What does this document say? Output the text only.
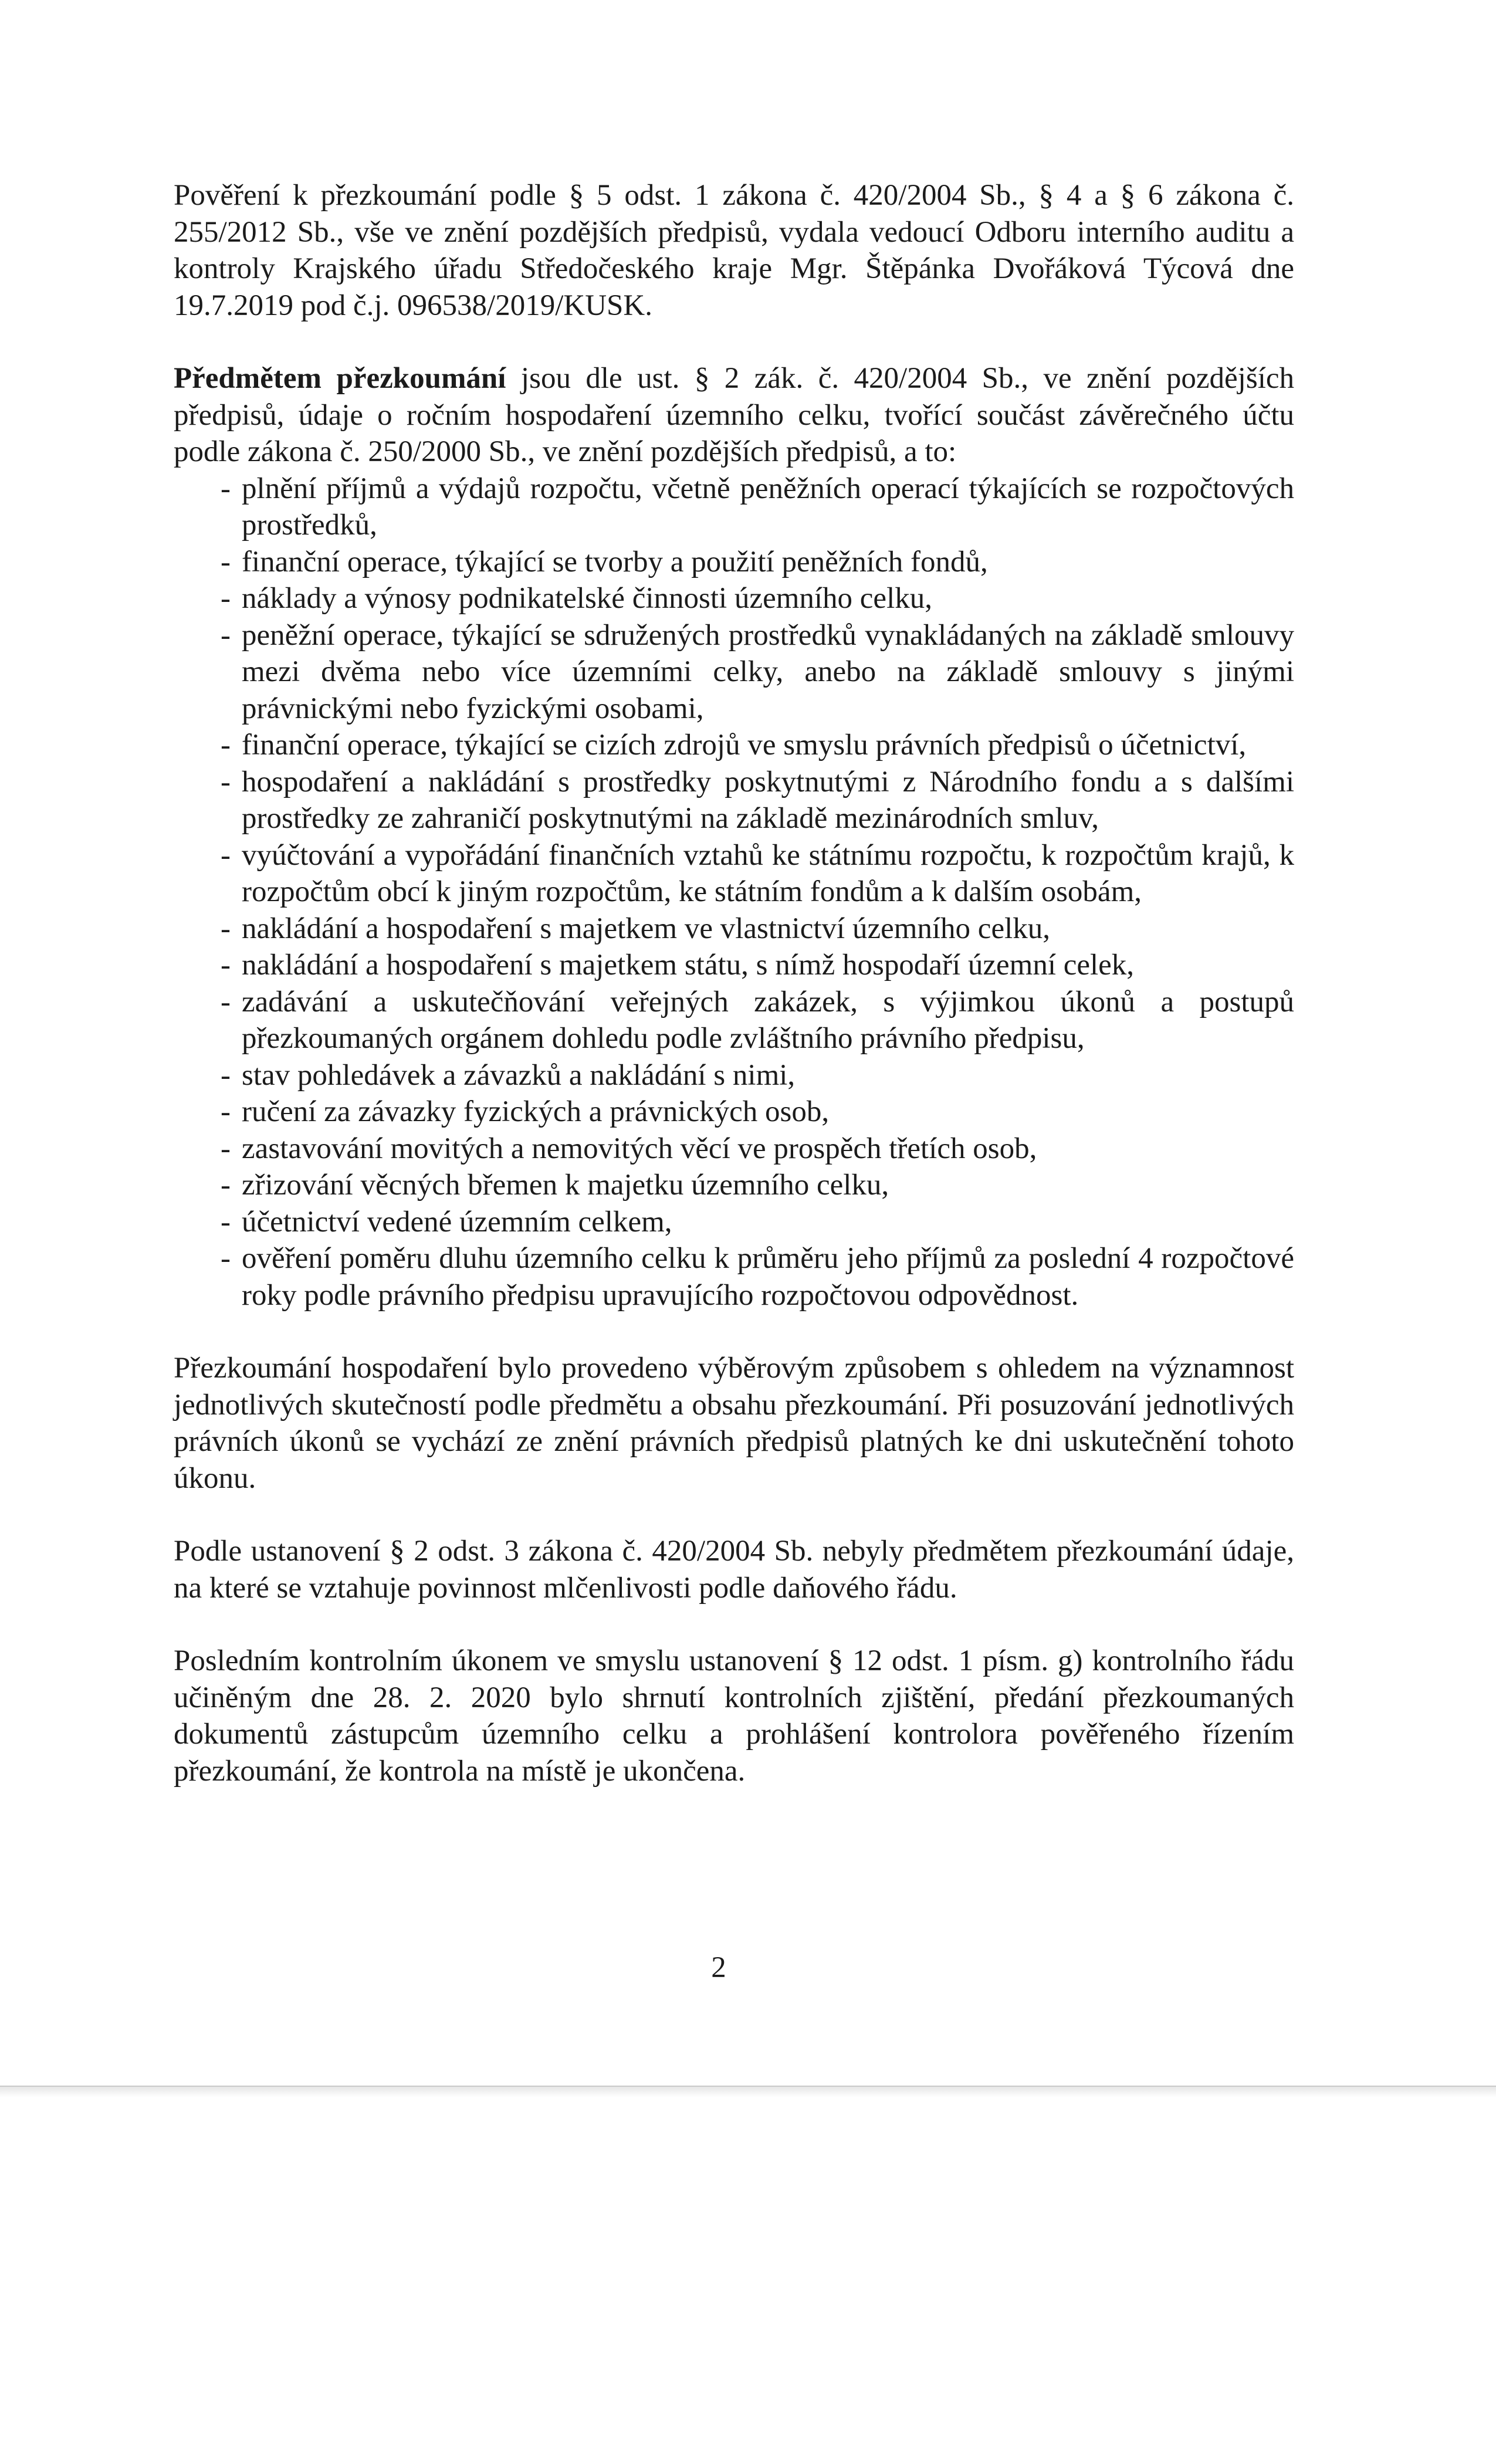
Pověření k přezkoumání podle § 5 odst. 1 zákona č. 420/2004 Sb., § 4 a § 6 zákona č. 255/2012 Sb., vše ve znění pozdějších předpisů, vydala vedoucí Odboru interního auditu a kontroly Krajského úřadu Středočeského kraje Mgr. Štěpánka Dvořáková Týcová dne 19.7.2019 pod č.j. 096538/2019/KUSK.

Předmětem přezkoumání jsou dle ust. § 2 zák. č. 420/2004 Sb., ve znění pozdějších předpisů, údaje o ročním hospodaření územního celku, tvořící součást závěrečného účtu podle zákona č. 250/2000 Sb., ve znění pozdějších předpisů, a to:

- plnění příjmů a výdajů rozpočtu, včetně peněžních operací týkajících se rozpočtových prostředků,
- finanční operace, týkající se tvorby a použití peněžních fondů,
- náklady a výnosy podnikatelské činnosti územního celku,
- peněžní operace, týkající se sdružených prostředků vynakládaných na základě smlouvy mezi dvěma nebo více územními celky, anebo na základě smlouvy s jinými právnickými nebo fyzickými osobami,
- finanční operace, týkající se cizích zdrojů ve smyslu právních předpisů o účetnictví,
- hospodaření a nakládání s prostředky poskytnutými z Národního fondu a s dalšími prostředky ze zahraničí poskytnutými na základě mezinárodních smluv,
- vyúčtování a vypořádání finančních vztahů ke státnímu rozpočtu, k rozpočtům krajů, k rozpočtům obcí k jiným rozpočtům, ke státním fondům a k dalším osobám,
- nakládání a hospodaření s majetkem ve vlastnictví územního celku,
- nakládání a hospodaření s majetkem státu, s nímž hospodaří územní celek,
- zadávání a uskutečňování veřejných zakázek, s výjimkou úkonů a postupů přezkoumaných orgánem dohledu podle zvláštního právního předpisu,
- stav pohledávek a závazků a nakládání s nimi,
- ručení za závazky fyzických a právnických osob,
- zastavování movitých a nemovitých věcí ve prospěch třetích osob,
- zřizování věcných břemen k majetku územního celku,
- účetnictví vedené územním celkem,
- ověření poměru dluhu územního celku k průměru jeho příjmů za poslední 4 rozpočtové roky podle právního předpisu upravujícího rozpočtovou odpovědnost.

Přezkoumání hospodaření bylo provedeno výběrovým způsobem s ohledem na významnost jednotlivých skutečností podle předmětu a obsahu přezkoumání. Při posuzování jednotlivých právních úkonů se vychází ze znění právních předpisů platných ke dni uskutečnění tohoto úkonu.

Podle ustanovení § 2 odst. 3 zákona č. 420/2004 Sb. nebyly předmětem přezkoumání údaje, na které se vztahuje povinnost mlčenlivosti podle daňového řádu.

Posledním kontrolním úkonem ve smyslu ustanovení § 12 odst. 1 písm. g) kontrolního řádu učiněným dne 28. 2. 2020 bylo shrnutí kontrolních zjištění, předání přezkoumaných dokumentů zástupcům územního celku a prohlášení kontrolora pověřeného řízením přezkoumání, že kontrola na místě je ukončena.

2
